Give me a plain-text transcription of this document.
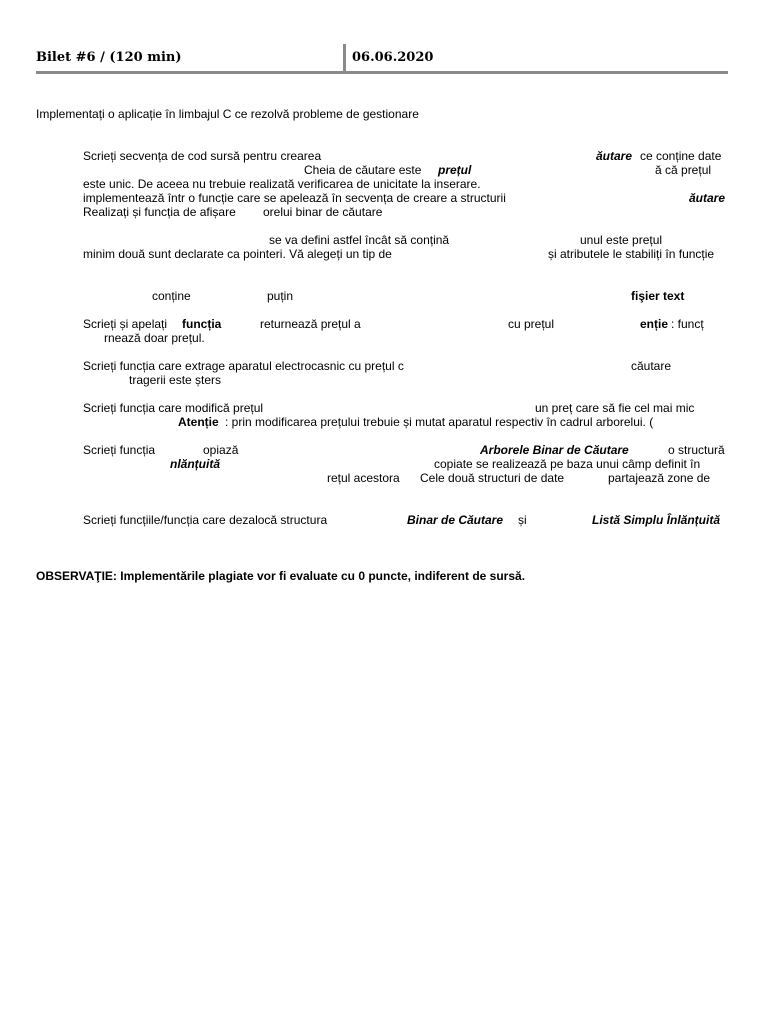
Bilet #6 / (120 min)	06.06.2020
Implementați o aplicație în limbajul C ce rezolvă probleme de gestionare
Scrieți secvența de cod sursă pentru crearea	ăutare ce conține date
Cheia de căutare este prețul	ă că prețul
este unic. De aceea nu trebuie realizată verificarea de unicitate la inserare.
implementează într o funcție care se apelează în secvența de creare a structurii	ăutare
Realizați și funcția de afișare orelui binar de căutare
se va defini astfel încât să conțină	unul este prețul
minim două sunt declarate ca pointeri. Vă alegeți un tip de	și atributele le stabiliți în funcție
conține	puțin	fişier text
Scrieți și apelați funcția	returnează prețul a	cu prețul	enție : funcț
rnează doar prețul.
Scrieți funcția care extrage aparatul electrocasnic cu prețul c	căutare
tragerii este șters
Scrieți funcția care modifică prețul	un preț care să fie cel mai mic
Atenție : prin modificarea prețului trebuie și mutat aparatul respectiv în cadrul arborelui. (
Scrieți funcția	opiază	Arborele Binar de Căutare	o structură
nlănțuită	copiate se realizează pe baza unui câmp definit în
rețul acestora Cele două structuri de date	partajează zone de
Scrieți funcțiile/funcția care dezalocă structura	Binar de Căutare și	Listă Simplu Înlănțuită
OBSERVAŢIE: Implementările plagiate vor fi evaluate cu 0 puncte, indiferent de sursă.
